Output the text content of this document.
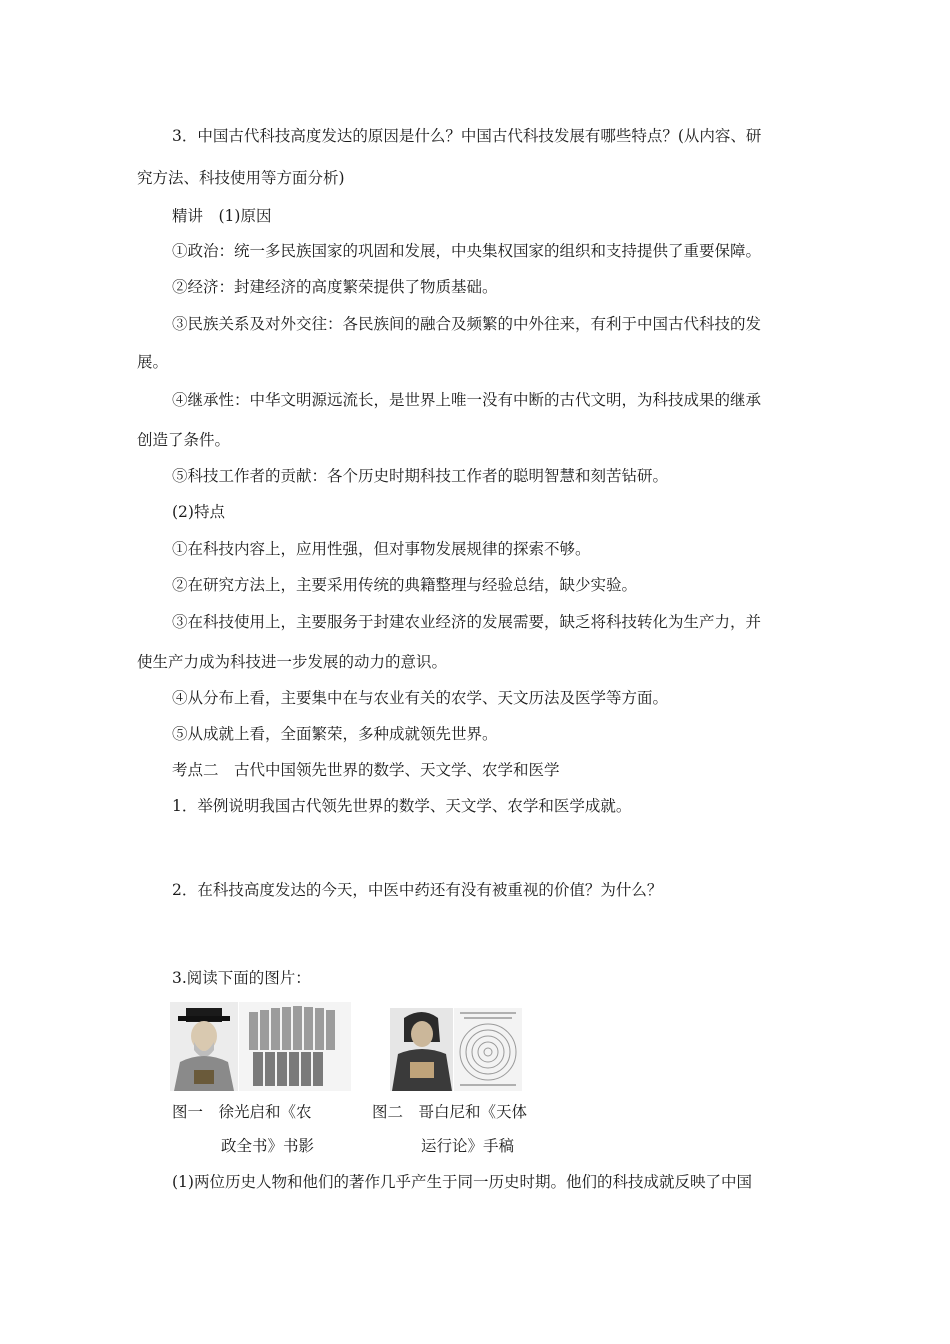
3．中国古代科技高度发达的原因是什么？中国古代科技发展有哪些特点？(从内容、研

究方法、科技使用等方面分析)

精讲　(1)原因

①政治：统一多民族国家的巩固和发展，中央集权国家的组织和支持提供了重要保障。

②经济：封建经济的高度繁荣提供了物质基础。

③民族关系及对外交往：各民族间的融合及频繁的中外往来，有利于中国古代科技的发

展。

④继承性：中华文明源远流长，是世界上唯一没有中断的古代文明，为科技成果的继承

创造了条件。

⑤科技工作者的贡献：各个历史时期科技工作者的聪明智慧和刻苦钻研。

(2)特点

①在科技内容上，应用性强，但对事物发展规律的探索不够。

②在研究方法上，主要采用传统的典籍整理与经验总结，缺少实验。

③在科技使用上，主要服务于封建农业经济的发展需要，缺乏将科技转化为生产力，并

使生产力成为科技进一步发展的动力的意识。

④从分布上看，主要集中在与农业有关的农学、天文历法及医学等方面。

⑤从成就上看，全面繁荣，多种成就领先世界。

考点二　古代中国领先世界的数学、天文学、农学和医学

1．举例说明我国古代领先世界的数学、天文学、农学和医学成就。

2．在科技高度发达的今天，中医中药还有没有被重视的价值？为什么？

3.阅读下面的图片：

图一　徐光启和《农
政全书》书影
图二　哥白尼和《天体
运行论》手稿

(1)两位历史人物和他们的著作几乎产生于同一历史时期。他们的科技成就反映了中国
